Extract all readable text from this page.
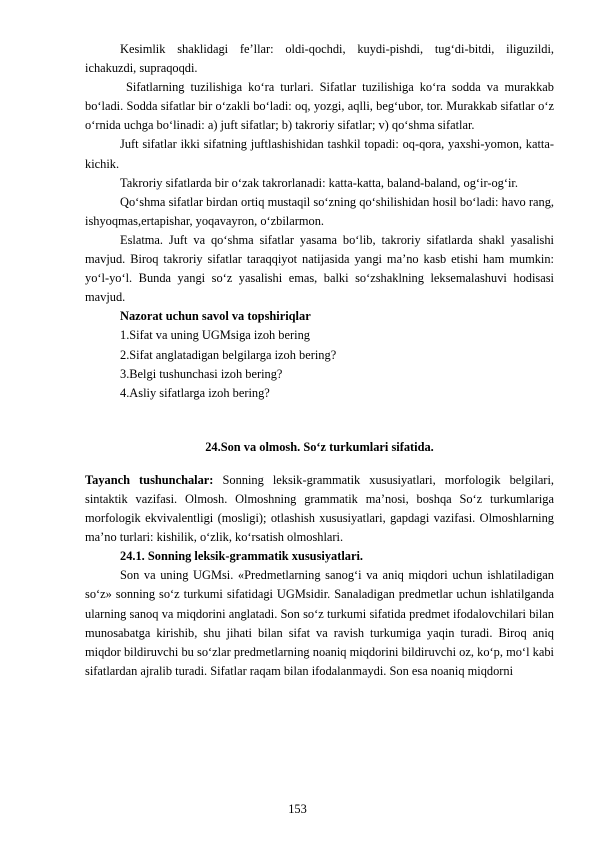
Kesimlik shaklidagi fe’llar: oldi-qochdi, kuydi-pishdi, tug‘di-bitdi, iliguzildi, ichakuzdi, supraqoqdi.

Sifatlarning tuzilishiga ko‘ra turlari. Sifatlar tuzilishiga ko‘ra sodda va murakkab bo‘ladi. Sodda sifatlar bir o‘zakli bo‘ladi: oq, yozgi, aqlli, beg‘ubor, tor. Murakkab sifatlar o‘z o‘rnida uchga bo‘linadi: a) juft sifatlar; b) takroriy sifatlar; v) qo‘shma sifatlar.

Juft sifatlar ikki sifatning juftlashishidan tashkil topadi: oq-qora, yaxshi-yomon, katta-kichik.

Takroriy sifatlarda bir o‘zak takrorlanadi: katta-katta, baland-baland, og‘ir-og‘ir.

Qo‘shma sifatlar birdan ortiq mustaqil so‘zning qo‘shilishidan hosil bo‘ladi: havo rang, ishyoqmas,ertapishar, yoqavayron, o‘zbilarmon.

Eslatma. Juft va qo‘shma sifatlar yasama bo‘lib, takroriy sifatlarda shakl yasalishi mavjud. Biroq takroriy sifatlar taraqqiyot natijasida yangi ma’no kasb etishi ham mumkin: yo‘l-yo‘l. Bunda yangi so‘z yasalishi emas, balki so‘zshaklning leksemalashuvi hodisasi mavjud.

Nazorat uchun savol va topshiriqlar

1.Sifat va uning UGMsiga izoh bering

2.Sifat anglatadigan belgilarga izoh bering?

3.Belgi tushunchasi izoh bering?

4.Asliy sifatlarga izoh bering?

24.Son va olmosh. So‘z turkumlari sifatida.

Tayanch tushunchalar: Sonning leksik-grammatik xususiyatlari, morfologik belgilari, sintaktik vazifasi. Olmosh. Olmoshning grammatik ma’nosi, boshqa So‘z turkumlariga morfologik ekvivalentligi (mosligi); otlashish xususiyatlari, gapdagi vazifasi. Olmoshlarning ma’no turlari: kishilik, o‘zlik, ko‘rsatish olmoshlari.

24.1. Sonning leksik-grammatik xususiyatlari.

Son va uning UGMsi. «Predmetlarning sanog‘i va aniq miqdori uchun ishlatiladigan so‘z» sonning so‘z turkumi sifatidagi UGMsidir. Sanaladigan predmetlar uchun ishlatilganda ularning sanoq va miqdorini anglatadi. Son so‘z turkumi sifatida predmet ifodalovchilari bilan munosabatga kirishib, shu jihati bilan sifat va ravish turkumiga yaqin turadi. Biroq aniq miqdor bildiruvchi bu so‘zlar predmetlarning noaniq miqdorini bildiruvchi oz, ko‘p, mo‘l kabi sifatlardan ajralib turadi. Sifatlar raqam bilan ifodalanmaydi. Son esa noaniq miqdorni

153
